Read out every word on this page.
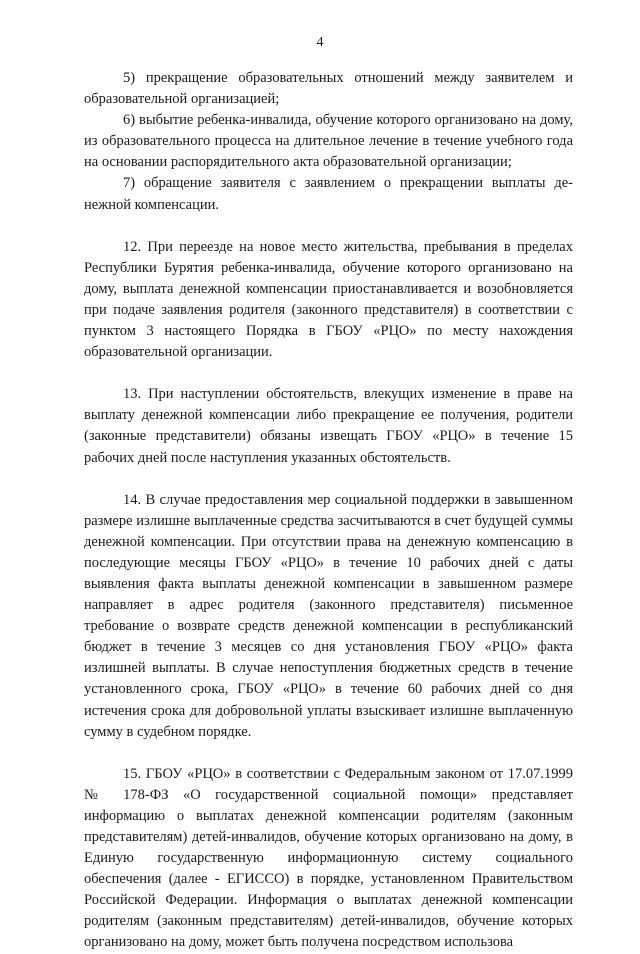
4

5) прекращение образовательных отношений между заявителем и образовательной организацией;

6) выбытие ребенка-инвалида, обучение которого организовано на дому, из образовательного процесса на длительное лечение в течение учебного года на основании распорядительного акта образовательной организации;

7) обращение заявителя с заявлением о прекращении выплаты денежной компенсации.

12. При переезде на новое место жительства, пребывания в пределах Республики Бурятия ребенка-инвалида, обучение которого организовано на дому, выплата денежной компенсации приостанавливается и возобновляется при подаче заявления родителя (законного представителя) в соответствии с пунктом 3 настоящего Порядка в ГБОУ «РЦО» по месту нахождения образовательной организации.

13. При наступлении обстоятельств, влекущих изменение в праве на выплату денежной компенсации либо прекращение ее получения, родители (законные представители) обязаны извещать ГБОУ «РЦО» в течение 15 рабочих дней после наступления указанных обстоятельств.

14. В случае предоставления мер социальной поддержки в завышенном размере излишне выплаченные средства засчитываются в счет будущей суммы денежной компенсации. При отсутствии права на денежную компенсацию в последующие месяцы ГБОУ «РЦО» в течение 10 рабочих дней с даты выявления факта выплаты денежной компенсации в завышенном размере направляет в адрес родителя (законного представителя) письменное требование о возврате средств денежной компенсации в республиканский бюджет в течение 3 месяцев со дня установления ГБОУ «РЦО» факта излишней выплаты. В случае непоступления бюджетных средств в течение установленного срока, ГБОУ «РЦО» в течение 60 рабочих дней со дня истечения срока для добровольной уплаты взыскивает излишне выплаченную сумму в судебном порядке.

15. ГБОУ «РЦО» в соответствии с Федеральным законом от 17.07.1999 № 178-ФЗ «О государственной социальной помощи» представляет информацию о выплатах денежной компенсации родителям (законным представителям) детей-инвалидов, обучение которых организовано на дому, в Единую государственную информационную систему социального обеспечения (далее - ЕГИССО) в порядке, установленном Правительством Российской Федерации. Информация о выплатах денежной компенсации родителям (законным представителям) детей-инвалидов, обучение которых организовано на дому, может быть получена посредством использова
